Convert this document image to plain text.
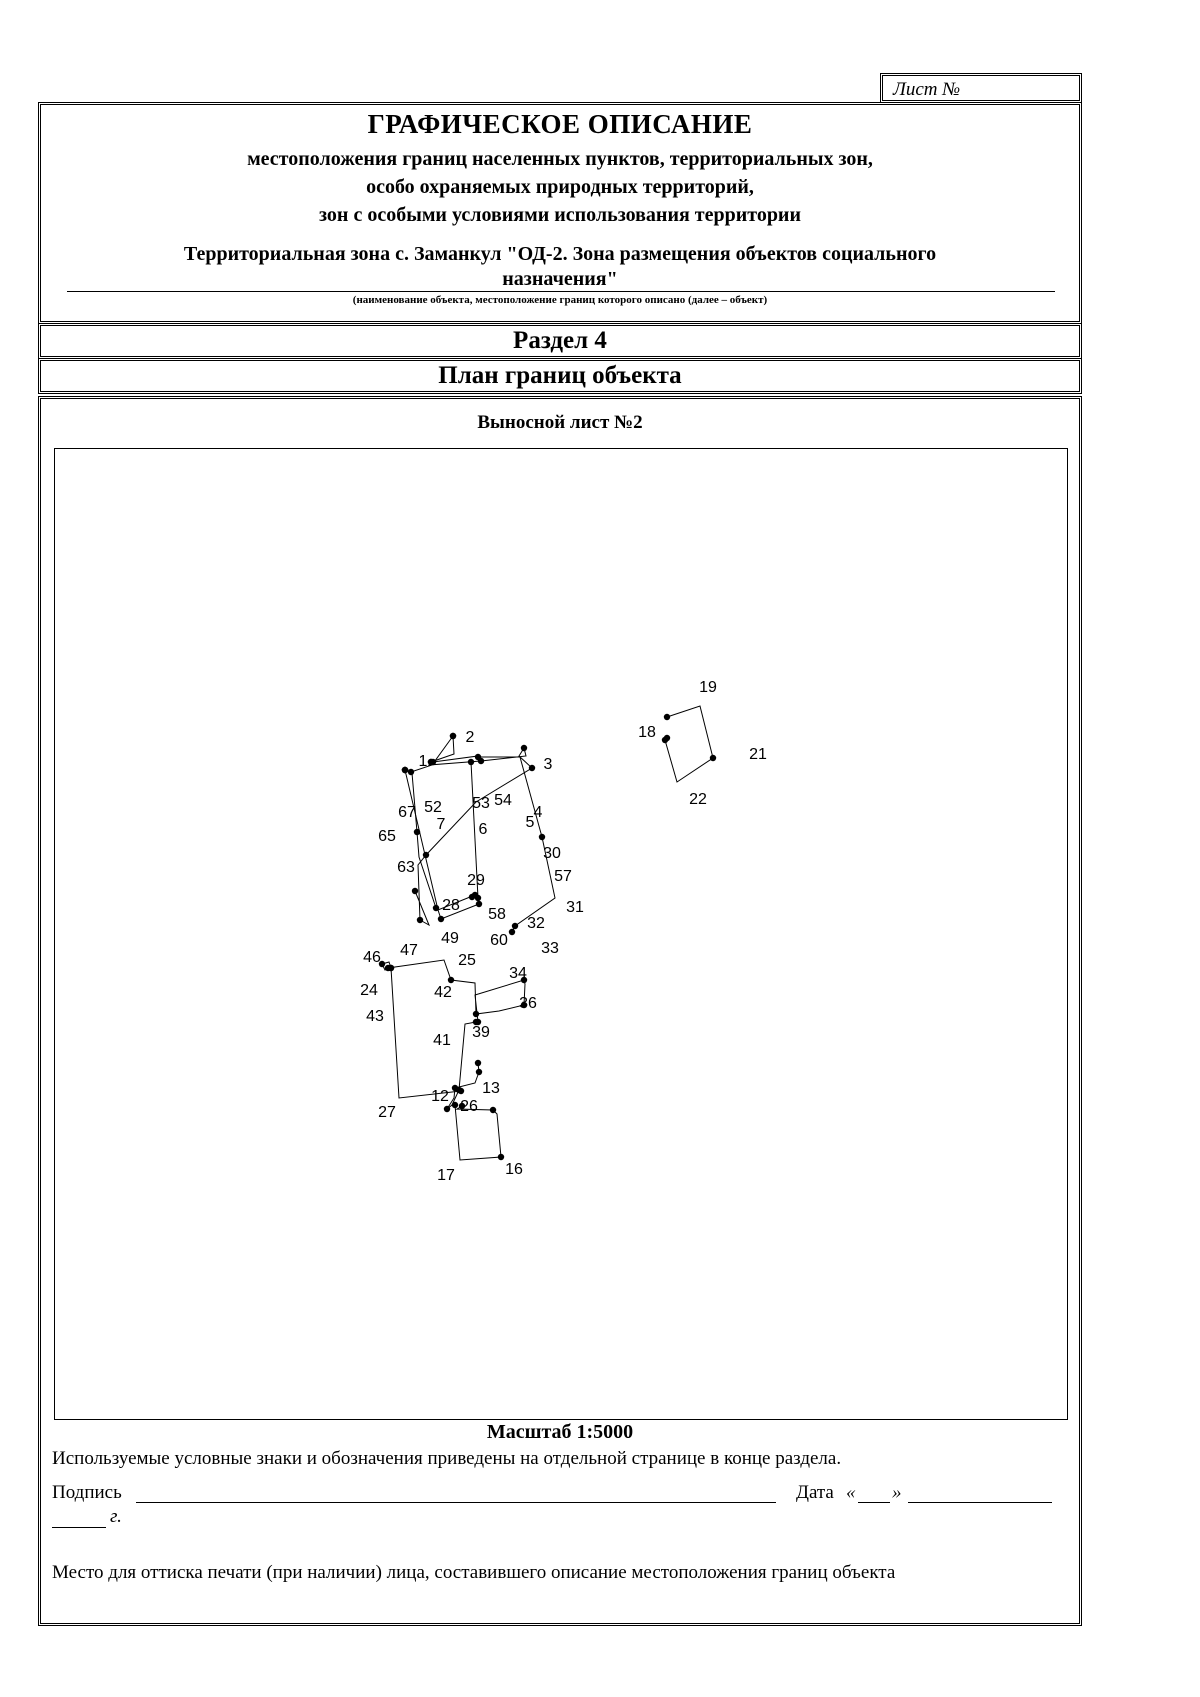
Лист №
ГРАФИЧЕСКОЕ ОПИСАНИЕ
местоположения границ населенных пунктов, территориальных зон,
особо охраняемых природных территорий,
зон с особыми условиями использования территории
Территориальная зона с. Заманкул "ОД-2. Зона размещения объектов социального
назначения"
(наименование объекта, местоположение границ которого описано (далее – объект)
Раздел 4
План границ объекта
Выносной лист №2
1
2
3
4
5
6
7
12 13
16
17
18
19
21
22
24
25
26
27
28
29
30
31
32
33
34
36
39
41
42
43
46 47
49
52 53 54
57
58
60
63
65
67
Масштаб 1:5000
Используемые условные знаки и обозначения приведены на отдельной странице в конце раздела.
Подпись	Дата « »
г.
Место для оттиска печати (при наличии) лица, составившего описание местоположения границ объекта
